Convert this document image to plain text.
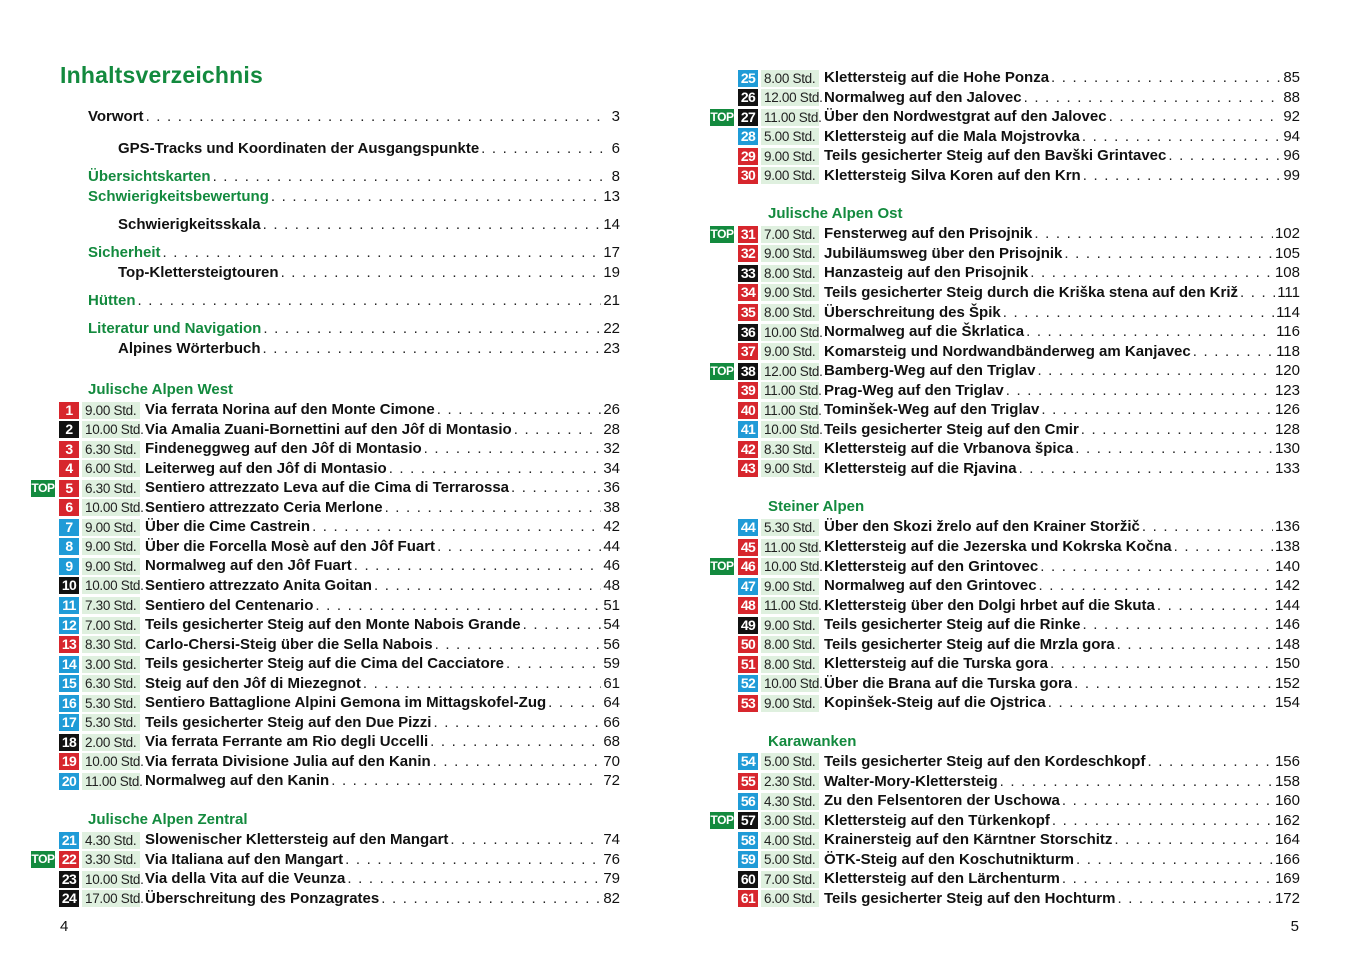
Inhaltsverzeichnis
Vorwort . . .	3
GPS-Tracks und Koordinaten der Ausgangspunkte . . .	6
Übersichtskarten . . .	8
Schwierigkeitsbewertung . . .	13
Schwierigkeitsskala . . .	14
Sicherheit . . .	17
Top-Klettersteigtouren . . .	19
Hütten . . .	21
Literatur und Navigation . . .	22
Alpines Wörterbuch . . .	23
Julische Alpen West
1 9.00 Std. Via ferrata Norina auf den Monte Cimone . . .	26
2 10.00 Std. Via Amalia Zuani-Bornettini auf den Jôf di Montasio . . .	28
3 6.30 Std. Findeneggweg auf den Jôf di Montasio . . .	32
4 6.00 Std. Leiterweg auf den Jôf di Montasio . . .	34
5 6.30 Std. Sentiero attrezzato Leva auf die Cima di Terrarossa . . .	36
TOP
6 10.00 Std. Sentiero attrezzato Ceria Merlone . . .	38
7 9.00 Std. Über die Cime Castrein . . .	42
8 9.00 Std. Über die Forcella Mosè auf den Jôf Fuart . . .	44
9 9.00 Std. Normalweg auf den Jôf Fuart . . .	46
10 10.00 Std. Sentiero attrezzato Anita Goitan . . .	48
11 7.30 Std. Sentiero del Centenario . . .	51
12 7.00 Std. Teils gesicherter Steig auf den Monte Nabois Grande . . .	54
13 8.30 Std. Carlo-Chersi-Steig über die Sella Nabois . . .	56
14 3.00 Std. Teils gesicherter Steig auf die Cima del Cacciatore . . .	59
15 6.30 Std. Steig auf den Jôf di Miezegnot . . .	61
16 5.30 Std. Sentiero Battaglione Alpini Gemona im Mittagskofel-Zug . . .	64
17 5.30 Std. Teils gesicherter Steig auf den Due Pizzi . . .	66
18 2.00 Std. Via ferrata Ferrante am Rio degli Uccelli . . .	68
19 10.00 Std. Via ferrata Divisione Julia auf den Kanin . . .	70
20 11.00 Std. Normalweg auf den Kanin . . .	72
Julische Alpen Zentral
21 4.30 Std. Slowenischer Klettersteig auf den Mangart . . .	74
22 3.30 Std. Via Italiana auf den Mangart . . .	76
TOP
23 10.00 Std. Via della Vita auf die Veunza . . .	79
24 17.00 Std. Überschreitung des Ponzagrates . . .	82
4
25 8.00 Std. Klettersteig auf die Hohe Ponza . . .	85
26 12.00 Std. Normalweg auf den Jalovec . . .	88
27 11.00 Std. Über den Nordwestgrat auf den Jalovec . . .	92
TOP
28 5.00 Std. Klettersteig auf die Mala Mojstrovka . . .	94
29 9.00 Std. Teils gesicherter Steig auf den Bavški Grintavec . . .	96
30 9.00 Std. Klettersteig Silva Koren auf den Krn . . .	99
Julische Alpen Ost
31 7.00 Std. Fensterweg auf den Prisojnik . . .	102
TOP
32 9.00 Std. Jubiläumsweg über den Prisojnik . . .	105
33 8.00 Std. Hanzasteig auf den Prisojnik . . .	108
34 9.00 Std. Teils gesicherter Steig durch die Kriška stena auf den Križ . . .	111
35 8.00 Std. Überschreitung des Špik . . .	114
36 10.00 Std. Normalweg auf die Škrlatica . . .	116
37 9.00 Std. Komarsteig und Nordwandbänderweg am Kanjavec . . .	118
38 12.00 Std. Bamberg-Weg auf den Triglav . . .	120
TOP
39 11.00 Std. Prag-Weg auf den Triglav . . .	123
40 11.00 Std. Tominšek-Weg auf den Triglav . . .	126
41 10.00 Std. Teils gesicherter Steig auf den Cmir . . .	128
42 8.30 Std. Klettersteig auf die Vrbanova špica . . .	130
43 9.00 Std. Klettersteig auf die Rjavina . . .	133
Steiner Alpen
44 5.30 Std. Über den Skozi žrelo auf den Krainer Storžič . . .	136
45 11.00 Std. Klettersteig auf die Jezerska und Kokrska Kočna . . .	138
46 10.00 Std. Klettersteig auf den Grintovec . . .	140
TOP
47 9.00 Std. Normalweg auf den Grintovec . . .	142
48 11.00 Std. Klettersteig über den Dolgi hrbet auf die Skuta . . .	144
49 9.00 Std. Teils gesicherter Steig auf die Rinke . . .	146
50 8.00 Std. Teils gesicherter Steig auf die Mrzla gora . . .	148
51 8.00 Std. Klettersteig auf die Turska gora . . .	150
52 10.00 Std. Über die Brana auf die Turska gora . . .	152
53 9.00 Std. Kopinšek-Steig auf die Ojstrica . . .	154
Karawanken
54 5.00 Std. Teils gesicherter Steig auf den Kordeschkopf . . .	156
55 2.30 Std. Walter-Mory-Klettersteig . . .	158
56 4.30 Std. Zu den Felsentoren der Uschowa . . .	160
57 3.00 Std. Klettersteig auf den Türkenkopf . . .	162
TOP
58 4.00 Std. Krainersteig auf den Kärntner Storschitz . . .	164
59 5.00 Std. ÖTK-Steig auf den Koschutnikturm . . .	166
60 7.00 Std. Klettersteig auf den Lärchenturm . . .	169
61 6.00 Std. Teils gesicherter Steig auf den Hochturm . . .	172
5
